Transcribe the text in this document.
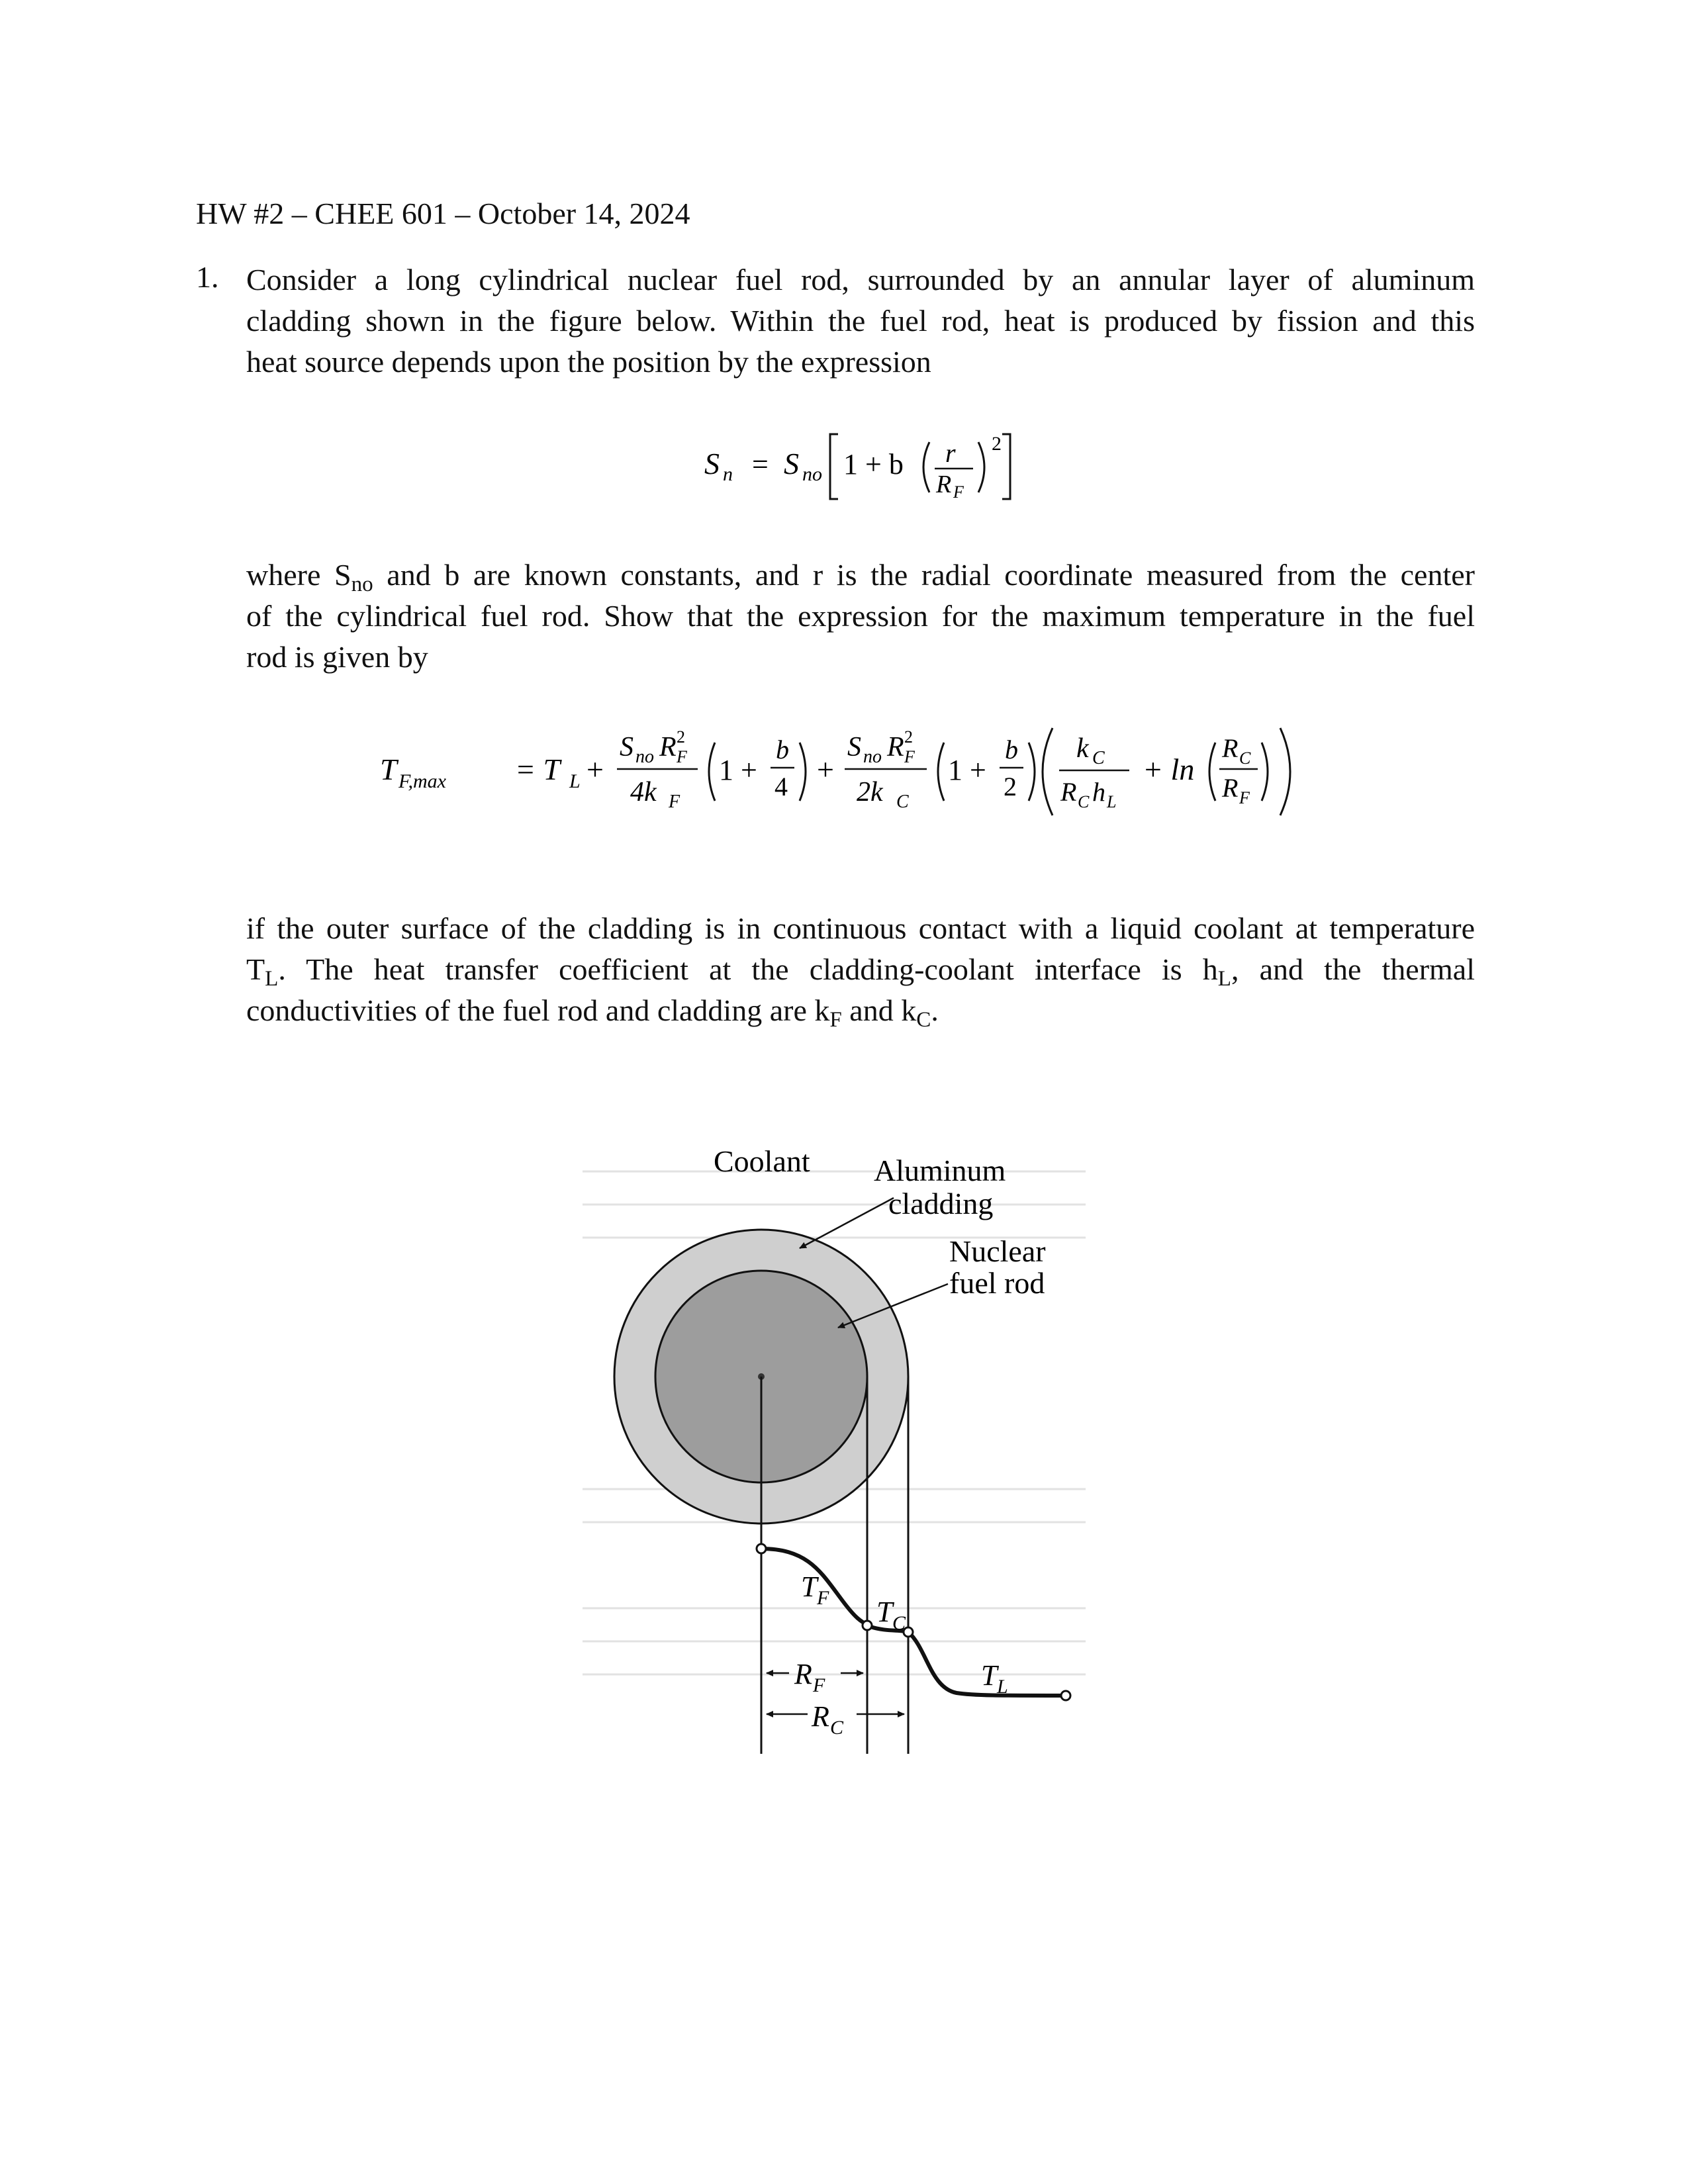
HW #2 – CHEE 601 – October 14, 2024
1. Consider a long cylindrical nuclear fuel rod, surrounded by an annular layer of aluminum
cladding shown in the figure below. Within the fuel rod, heat is produced by fission and this
heat source depends upon the position by the expression
S n = S no 1 + b r
R F
2
where $S_{no}$ and b are known constants, and r is the radial coordinate measured from the center
of the cylindrical fuel rod. Show that the expression for the maximum temperature in the fuel
rod is given by
T F,max = T L +
S no R F
2
4k F
1 +
b
4
+
S no R F
2
2k C
1 +
b
2
k C
R C h L
+ ln
R C
R F
if the outer surface of the cladding is in continuous contact with a liquid coolant at temperature
$T_L$. The heat transfer coefficient at the cladding-coolant interface is $h_L$, and the thermal
conductivities of the fuel rod and cladding are $k_F$ and $k_C$.
Coolant Aluminum
cladding
Nuclear
fuel rod
T F T C
T L
R F
R C
